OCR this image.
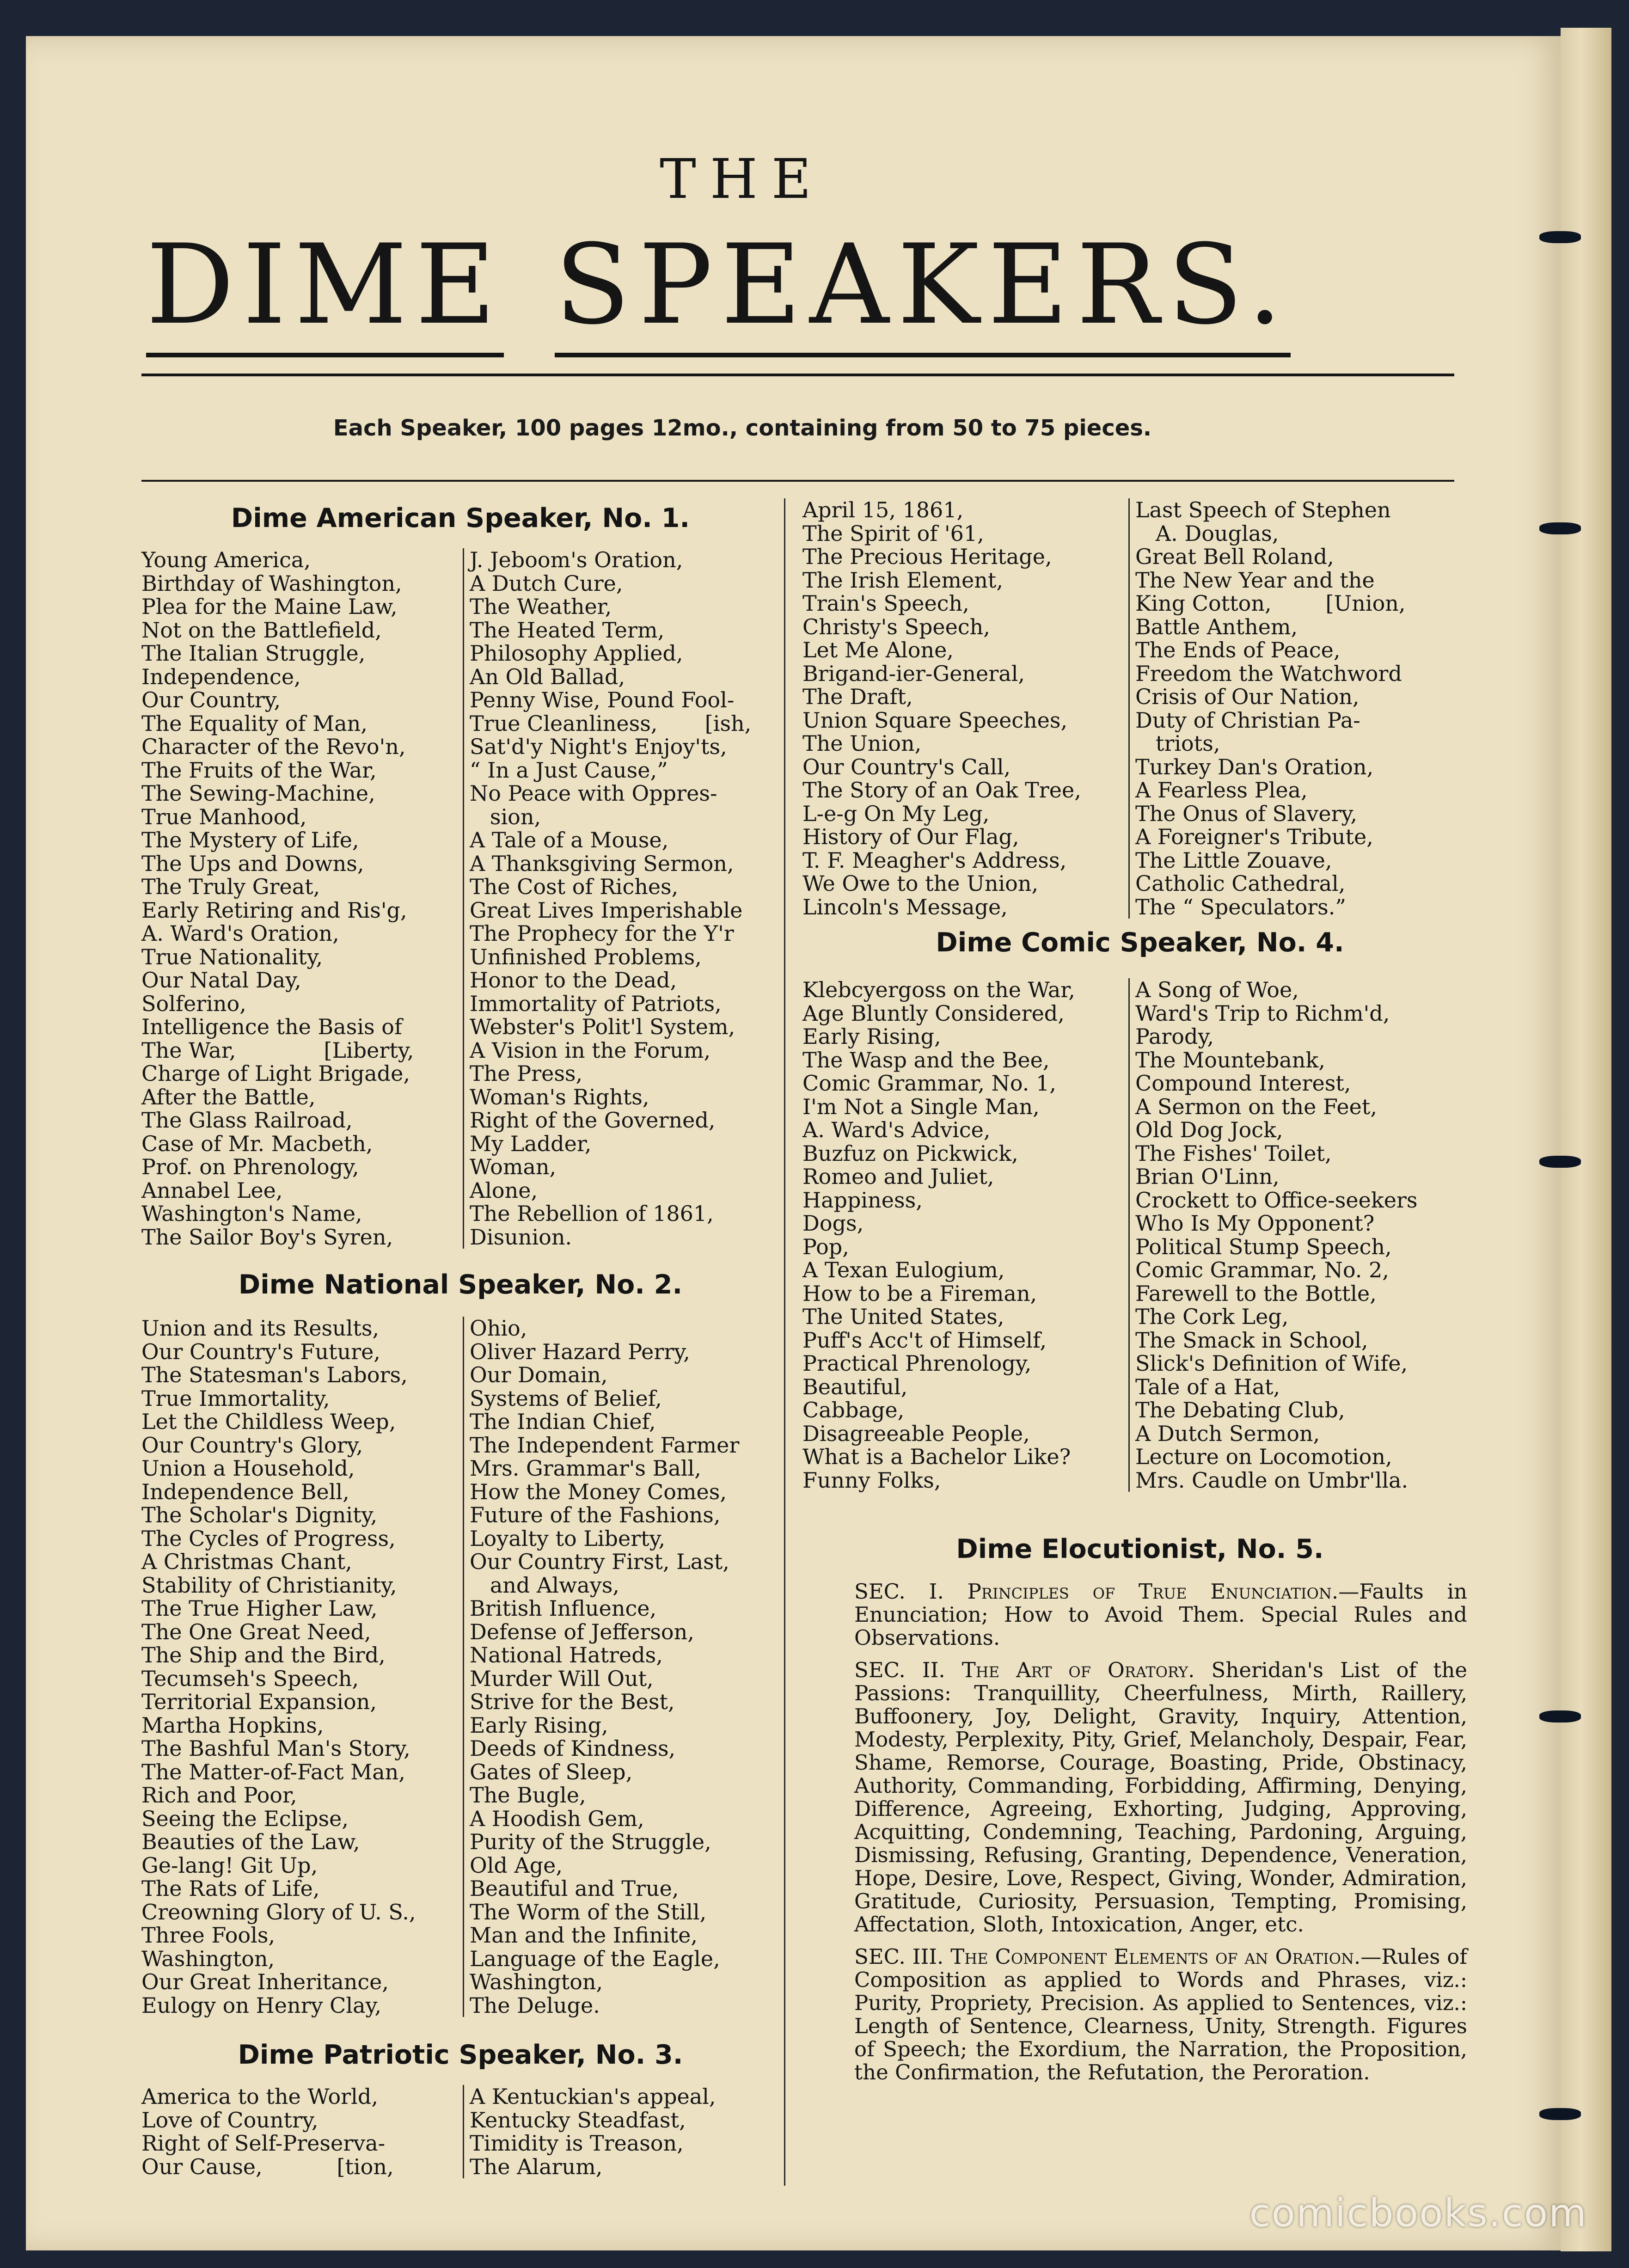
THE
DIME SPEAKERS.
Each Speaker, 100 pages 12mo., containing from 50 to 75 pieces.
Dime American Speaker, No. 1.
Young America,
Birthday of Washington,
Plea for the Maine Law,
Not on the Battlefield,
The Italian Struggle,
Independence,
Our Country,
The Equality of Man,
Character of the Revo'n,
The Fruits of the War,
The Sewing-Machine,
True Manhood,
The Mystery of Life,
The Ups and Downs,
The Truly Great,
Early Retiring and Ris'g,
A. Ward's Oration,
True Nationality,
Our Natal Day,
Solferino,
Intelligence the Basis of
The War,             [Liberty,
Charge of Light Brigade,
After the Battle,
The Glass Railroad,
Case of Mr. Macbeth,
Prof. on Phrenology,
Annabel Lee,
Washington's Name,
The Sailor Boy's Syren,
J. Jeboom's Oration,
A Dutch Cure,
The Weather,
The Heated Term,
Philosophy Applied,
An Old Ballad,
Penny Wise, Pound Fool-
True Cleanliness,       [ish,
Sat'd'y Night's Enjoy'ts,
“ In a Just Cause,”
No Peace with Oppres-
sion,
A Tale of a Mouse,
A Thanksgiving Sermon,
The Cost of Riches,
Great Lives Imperishable
The Prophecy for the Y'r
Unfinished Problems,
Honor to the Dead,
Immortality of Patriots,
Webster's Polit'l System,
A Vision in the Forum,
The Press,
Woman's Rights,
Right of the Governed,
My Ladder,
Woman,
Alone,
The Rebellion of 1861,
Disunion.
Dime National Speaker, No. 2.
Union and its Results,
Our Country's Future,
The Statesman's Labors,
True Immortality,
Let the Childless Weep,
Our Country's Glory,
Union a Household,
Independence Bell,
The Scholar's Dignity,
The Cycles of Progress,
A Christmas Chant,
Stability of Christianity,
The True Higher Law,
The One Great Need,
The Ship and the Bird,
Tecumseh's Speech,
Territorial Expansion,
Martha Hopkins,
The Bashful Man's Story,
The Matter-of-Fact Man,
Rich and Poor,
Seeing the Eclipse,
Beauties of the Law,
Ge-lang! Git Up,
The Rats of Life,
Creowning Glory of U. S.,
Three Fools,
Washington,
Our Great Inheritance,
Eulogy on Henry Clay,
Ohio,
Oliver Hazard Perry,
Our Domain,
Systems of Belief,
The Indian Chief,
The Independent Farmer
Mrs. Grammar's Ball,
How the Money Comes,
Future of the Fashions,
Loyalty to Liberty,
Our Country First, Last,
and Always,
British Influence,
Defense of Jefferson,
National Hatreds,
Murder Will Out,
Strive for the Best,
Early Rising,
Deeds of Kindness,
Gates of Sleep,
The Bugle,
A Hoodish Gem,
Purity of the Struggle,
Old Age,
Beautiful and True,
The Worm of the Still,
Man and the Infinite,
Language of the Eagle,
Washington,
The Deluge.
Dime Patriotic Speaker, No. 3.
America to the World,
Love of Country,
Right of Self-Preserva-
Our Cause,           [tion,
A Kentuckian's appeal,
Kentucky Steadfast,
Timidity is Treason,
The Alarum,
April 15, 1861,
The Spirit of '61,
The Precious Heritage,
The Irish Element,
Train's Speech,
Christy's Speech,
Let Me Alone,
Brigand-ier-General,
The Draft,
Union Square Speeches,
The Union,
Our Country's Call,
The Story of an Oak Tree,
L-e-g On My Leg,
History of Our Flag,
T. F. Meagher's Address,
We Owe to the Union,
Lincoln's Message,
Last Speech of Stephen
A. Douglas,
Great Bell Roland,
The New Year and the
King Cotton,        [Union,
Battle Anthem,
The Ends of Peace,
Freedom the Watchword
Crisis of Our Nation,
Duty of Christian Pa-
triots,
Turkey Dan's Oration,
A Fearless Plea,
The Onus of Slavery,
A Foreigner's Tribute,
The Little Zouave,
Catholic Cathedral,
The “ Speculators.”
Dime Comic Speaker, No. 4.
Klebcyergoss on the War,
Age Bluntly Considered,
Early Rising,
The Wasp and the Bee,
Comic Grammar, No. 1,
I'm Not a Single Man,
A. Ward's Advice,
Buzfuz on Pickwick,
Romeo and Juliet,
Happiness,
Dogs,
Pop,
A Texan Eulogium,
How to be a Fireman,
The United States,
Puff's Acc't of Himself,
Practical Phrenology,
Beautiful,
Cabbage,
Disagreeable People,
What is a Bachelor Like?
Funny Folks,
A Song of Woe,
Ward's Trip to Richm'd,
Parody,
The Mountebank,
Compound Interest,
A Sermon on the Feet,
Old Dog Jock,
The Fishes' Toilet,
Brian O'Linn,
Crockett to Office-seekers
Who Is My Opponent?
Political Stump Speech,
Comic Grammar, No. 2,
Farewell to the Bottle,
The Cork Leg,
The Smack in School,
Slick's Definition of Wife,
Tale of a Hat,
The Debating Club,
A Dutch Sermon,
Lecture on Locomotion,
Mrs. Caudle on Umbr'lla.
Dime Elocutionist, No. 5.

SEC. I. Principles of True Enunciation.—Faults in Enunciation; How to Avoid Them. Special Rules and Observations.

SEC. II. The Art of Oratory. Sheridan's List of the Passions: Tranquillity, Cheerfulness, Mirth, Raillery, Buffoonery, Joy, Delight, Gravity, Inquiry, Attention, Modesty, Perplexity, Pity, Grief, Melancholy, Despair, Fear, Shame, Remorse, Courage, Boasting, Pride, Obstinacy, Authority, Commanding, Forbidding, Affirming, Denying, Difference, Agreeing, Exhorting, Judging, Approving, Acquitting, Condemning, Teaching, Pardoning, Arguing, Dismissing, Refusing, Granting, Dependence, Veneration, Hope, Desire, Love, Respect, Giving, Wonder, Admiration, Gratitude, Curiosity, Persuasion, Tempting, Promising, Affectation, Sloth, Intoxication, Anger, etc.

SEC. III. The Component Elements of an Oration.—Rules of Composition as applied to Words and Phrases, viz.: Purity, Propriety, Precision. As applied to Sentences, viz.: Length of Sentence, Clearness, Unity, Strength. Figures of Speech; the Exordium, the Narration, the Proposition, the Confirmation, the Refutation, the Peroration.

comicbooks.com
